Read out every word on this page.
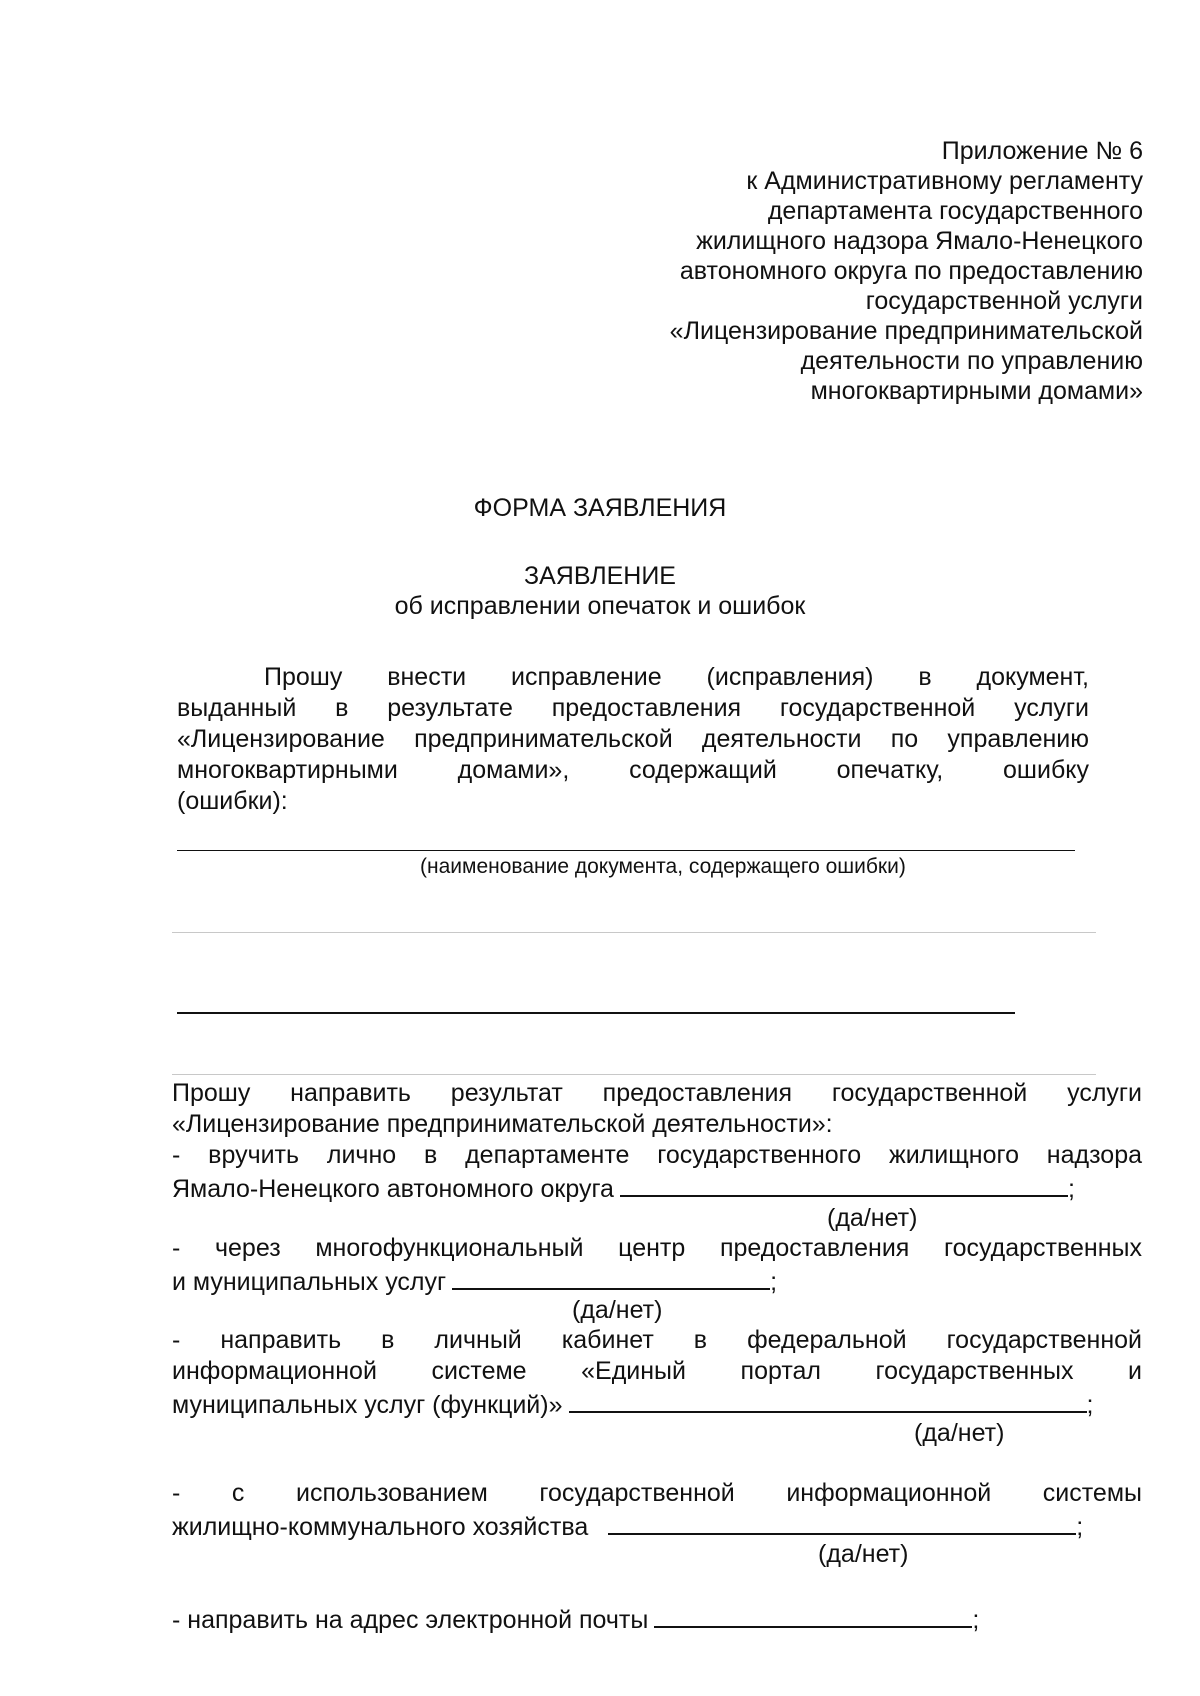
Приложение № 6
к Административному регламенту
департамента государственного
жилищного надзора Ямало-Ненецкого
автономного округа по предоставлению
государственной услуги
«Лицензирование предпринимательской
деятельности по управлению
многоквартирными домами»
ФОРМА ЗАЯВЛЕНИЯ
ЗАЯВЛЕНИЕ
об исправлении опечаток и ошибок
Прошу внести исправление (исправления) в документ,
выданный в результате предоставления государственной услуги
«Лицензирование предпринимательской деятельности по управлению
многоквартирными домами», содержащий опечатку, ошибку
(ошибки):
(наименование документа, содержащего ошибки)
Прошу направить результат предоставления государственной услуги
«Лицензирование предпринимательской деятельности»:
- вручить лично в департаменте государственного жилищного надзора
Ямало-Ненецкого автономного округа	;
(да/нет)
- через многофункциональный центр предоставления государственных
и муниципальных услуг	;
(да/нет)
- направить в личный кабинет в федеральной государственной
информационной системе «Единый портал государственных и
муниципальных услуг (функций)»	;
(да/нет)
- с использованием государственной информационной системы
жилищно-коммунального хозяйства	;
(да/нет)
- направить на адрес электронной почты	;
